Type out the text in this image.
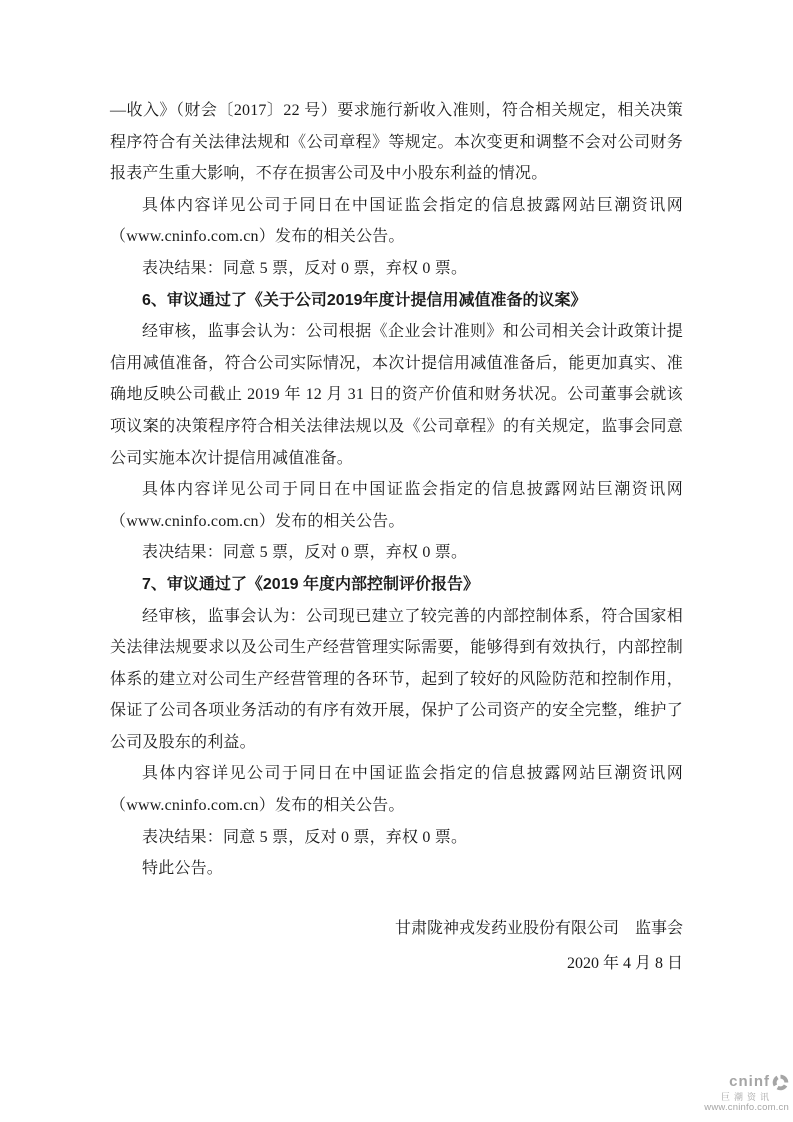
—收入》（财会〔2017〕22 号）要求施行新收入准则，符合相关规定，相关决策程序符合有关法律法规和《公司章程》等规定。本次变更和调整不会对公司财务报表产生重大影响，不存在损害公司及中小股东利益的情况。

具体内容详见公司于同日在中国证监会指定的信息披露网站巨潮资讯网（www.cninfo.com.cn）发布的相关公告。

表决结果：同意 5 票，反对 0 票，弃权 0 票。

6、审议通过了《关于公司2019年度计提信用减值准备的议案》

经审核，监事会认为：公司根据《企业会计准则》和公司相关会计政策计提信用减值准备，符合公司实际情况，本次计提信用减值准备后，能更加真实、准确地反映公司截止 2019 年 12 月 31 日的资产价值和财务状况。公司董事会就该项议案的决策程序符合相关法律法规以及《公司章程》的有关规定，监事会同意公司实施本次计提信用减值准备。

具体内容详见公司于同日在中国证监会指定的信息披露网站巨潮资讯网（www.cninfo.com.cn）发布的相关公告。

表决结果：同意 5 票，反对 0 票，弃权 0 票。

7、审议通过了《2019 年度内部控制评价报告》

经审核，监事会认为：公司现已建立了较完善的内部控制体系，符合国家相关法律法规要求以及公司生产经营管理实际需要，能够得到有效执行，内部控制体系的建立对公司生产经营管理的各环节，起到了较好的风险防范和控制作用，保证了公司各项业务活动的有序有效开展，保护了公司资产的安全完整，维护了公司及股东的利益。

具体内容详见公司于同日在中国证监会指定的信息披露网站巨潮资讯网（www.cninfo.com.cn）发布的相关公告。

表决结果：同意 5 票，反对 0 票，弃权 0 票。

特此公告。

甘肃陇神戎发药业股份有限公司　监事会
2020 年 4 月 8 日
cninf
巨潮资讯
www.cninfo.com.cn
